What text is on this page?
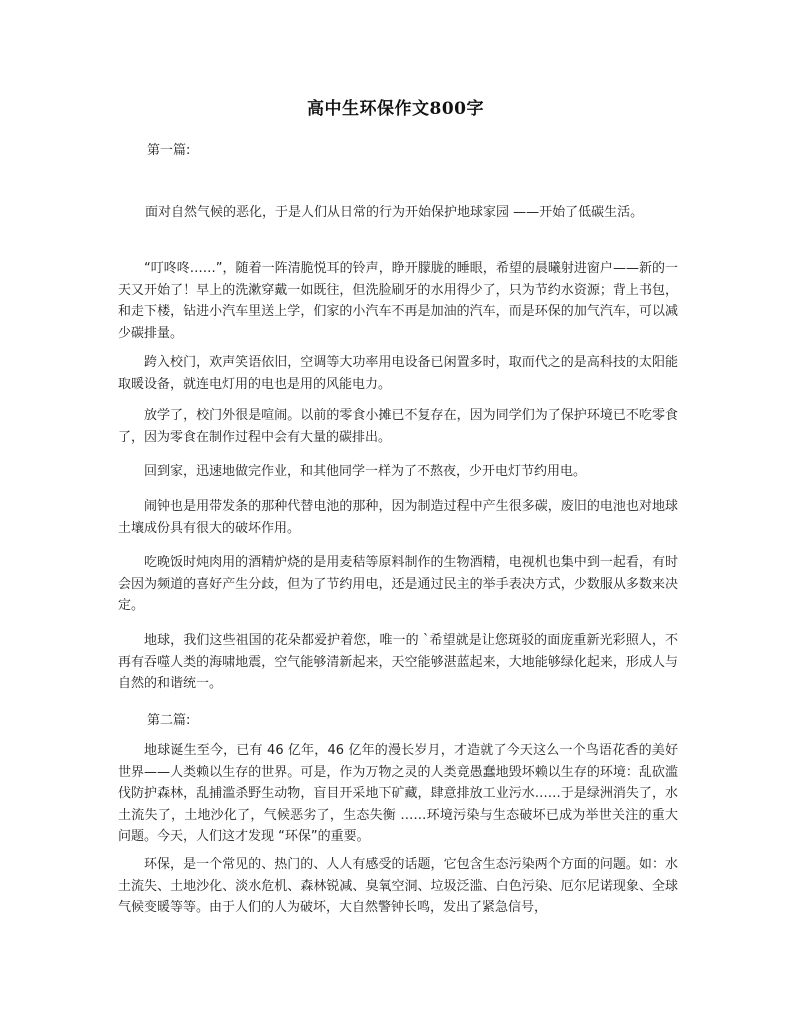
高中生环保作文800字
第一篇:

面对自然气候的恶化，于是人们从日常的行为开始保护地球家园 ——开始了低碳生活。

“叮咚咚……”，随着一阵清脆悦耳的铃声，睁开朦胧的睡眼，希望的晨曦射进窗户——新的一天又开始了！早上的洗漱穿戴一如既往，但洗脸刷牙的水用得少了，只为节约水资源；背上书包，和走下楼，钻进小汽车里送上学，们家的小汽车不再是加油的汽车，而是环保的加气汽车，可以减少碳排量。

跨入校门，欢声笑语依旧，空调等大功率用电设备已闲置多时，取而代之的是高科技的太阳能取暖设备，就连电灯用的电也是用的风能电力。

放学了，校门外很是喧闹。以前的零食小摊已不复存在，因为同学们为了保护环境已不吃零食了，因为零食在制作过程中会有大量的碳排出。

回到家，迅速地做完作业，和其他同学一样为了不熬夜，少开电灯节约用电。

闹钟也是用带发条的那种代替电池的那种，因为制造过程中产生很多碳，废旧的电池也对地球土壤成份具有很大的破坏作用。

吃晚饭时炖肉用的酒精炉烧的是用麦秸等原料制作的生物酒精，电视机也集中到一起看，有时会因为频道的喜好产生分歧，但为了节约用电，还是通过民主的举手表决方式，少数服从多数来决定。

地球，我们这些祖国的花朵都爱护着您，唯一的 `希望就是让您斑驳的面庞重新光彩照人，不再有吞噬人类的海啸地震，空气能够清新起来，天空能够湛蓝起来，大地能够绿化起来，形成人与自然的和谐统一。

第二篇:

地球诞生至今，已有 46 亿年，46 亿年的漫长岁月，才造就了今天这么一个鸟语花香的美好世界——人类赖以生存的世界。可是，作为万物之灵的人类竟愚蠢地毁坏赖以生存的环境：乱砍滥伐防护森林，乱捕滥杀野生动物，盲目开采地下矿藏，肆意排放工业污水……于是绿洲消失了，水土流失了，土地沙化了，气候恶劣了，生态失衡 ……环境污染与生态破坏已成为举世关注的重大问题。今天，人们这才发现 “环保”的重要。

环保，是一个常见的、热门的、人人有感受的话题，它包含生态污染两个方面的问题。如：水土流失、土地沙化、淡水危机、森林锐减、臭氧空洞、垃圾泛滥、白色污染、厄尔尼诺现象、全球气候变暖等等。由于人们的人为破坏，大自然警钟长鸣，发出了紧急信号，
